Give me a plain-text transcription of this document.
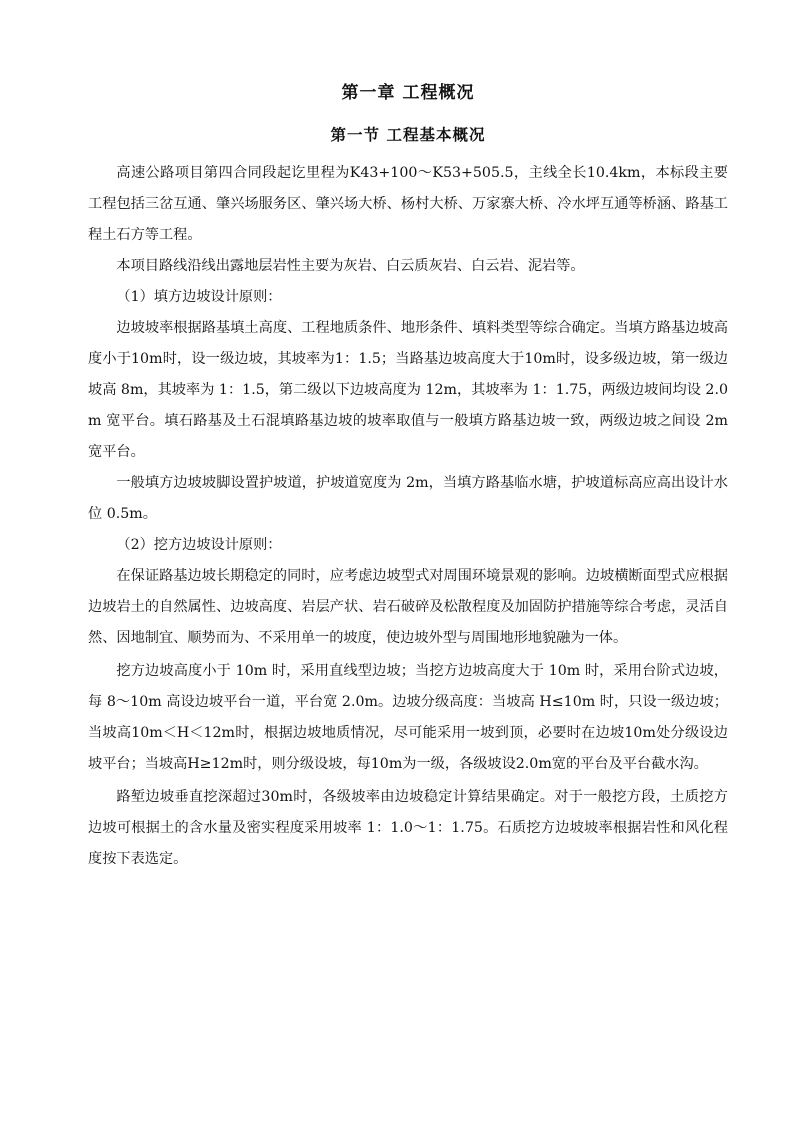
第一章 工程概况
第一节 工程基本概况

高速公路项目第四合同段起讫里程为K43+100～K53+505.5，主线全长10.4km，本标段主要工程包括三岔互通、肇兴场服务区、肇兴场大桥、杨村大桥、万家寨大桥、冷水坪互通等桥涵、路基工程土石方等工程。

本项目路线沿线出露地层岩性主要为灰岩、白云质灰岩、白云岩、泥岩等。

（1）填方边坡设计原则：

边坡坡率根据路基填土高度、工程地质条件、地形条件、填料类型等综合确定。当填方路基边坡高度小于10m时，设一级边坡，其坡率为1：1.5；当路基边坡高度大于10m时，设多级边坡，第一级边坡高 8m，其坡率为 1：1.5，第二级以下边坡高度为 12m，其坡率为 1：1.75，两级边坡间均设 2.0m 宽平台。填石路基及土石混填路基边坡的坡率取值与一般填方路基边坡一致，两级边坡之间设 2m 宽平台。

一般填方边坡坡脚设置护坡道，护坡道宽度为 2m，当填方路基临水塘，护坡道标高应高出设计水位 0.5m。

（2）挖方边坡设计原则：

在保证路基边坡长期稳定的同时，应考虑边坡型式对周围环境景观的影响。边坡横断面型式应根据边坡岩土的自然属性、边坡高度、岩层产状、岩石破碎及松散程度及加固防护措施等综合考虑，灵活自然、因地制宜、顺势而为、不采用单一的坡度，使边坡外型与周围地形地貌融为一体。

挖方边坡高度小于 10m 时，采用直线型边坡；当挖方边坡高度大于 10m 时，采用台阶式边坡，每 8～10m 高设边坡平台一道，平台宽 2.0m。边坡分级高度：当坡高 H≤10m 时，只设一级边坡；当坡高10m＜H＜12m时，根据边坡地质情况，尽可能采用一坡到顶，必要时在边坡10m处分级设边坡平台；当坡高H≥12m时，则分级设坡，每10m为一级，各级坡设2.0m宽的平台及平台截水沟。

路堑边坡垂直挖深超过30m时，各级坡率由边坡稳定计算结果确定。对于一般挖方段，土质挖方边坡可根据土的含水量及密实程度采用坡率 1：1.0～1：1.75。石质挖方边坡坡率根据岩性和风化程度按下表选定。
